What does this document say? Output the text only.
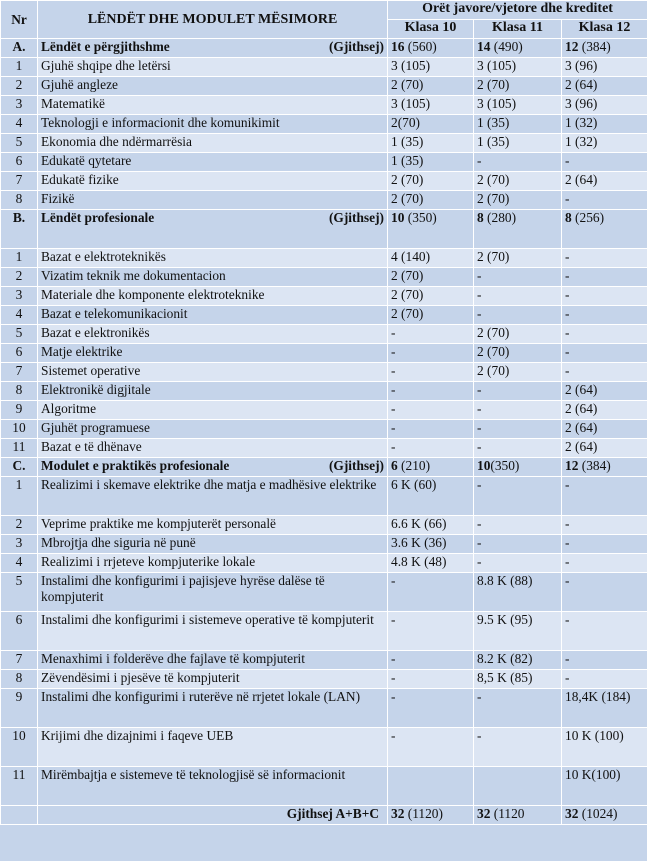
Nr	LËNDËT DHE MODULET MËSIMORE	Orët javore/vjetore dhe kreditet		
		Klasa 10	Klasa 11	Klasa 12
A.	Lëndët e përgjithshme (Gjithsej)	16 (560)	14 (490)	12 (384)
1	Gjuhë shqipe dhe letërsi	3 (105)	3 (105)	3 (96)
2	Gjuhë angleze	2 (70)	2 (70)	2 (64)
3	Matematikë	3 (105)	3 (105)	3 (96)
4	Teknologji e informacionit dhe komunikimit	2(70)	1 (35)	1 (32)
5	Ekonomia dhe ndërmarrësia	1 (35)	1 (35)	1 (32)
6	Edukatë qytetare	1 (35)	-	-
7	Edukatë fizike	2 (70)	2 (70)	2 (64)
8	Fizikë	2 (70)	2 (70)	-
B.	Lëndët profesionale (Gjithsej)	10 (350)	8 (280)	8 (256)
1	Bazat e elektroteknikës	4 (140)	2 (70)	-
2	Vizatim teknik me dokumentacion	2 (70)	-	-
3	Materiale dhe komponente elektroteknike	2 (70)	-	-
4	Bazat e telekomunikacionit	2 (70)	-	-
5	Bazat e elektronikës	-	2 (70)	-
6	Matje elektrike	-	2 (70)	-
7	Sistemet operative	-	2 (70)	-
8	Elektronikë digjitale	-	-	2 (64)
9	Algoritme	-	-	2 (64)
10	Gjuhët programuese	-	-	2 (64)
11	Bazat e të dhënave	-	-	2 (64)
C.	Modulet e praktikës profesionale (Gjithsej)	6 (210)	10(350)	12 (384)
1	Realizimi i skemave elektrike dhe matja e madhësive elektrike	6 K (60)	-	-
2	Veprime praktike me kompjuterët personalë	6.6 K (66)	-	-
3	Mbrojtja dhe siguria në punë	3.6 K (36)	-	-
4	Realizimi i rrjeteve kompjuterike lokale	4.8 K (48)	-	-
5	Instalimi dhe konfigurimi i pajisjeve hyrëse dalëse të kompjuterit	-	8.8 K (88)	-
6	Instalimi dhe konfigurimi i sistemeve operative të kompjuterit	-	9.5 K (95)	-
7	Menaxhimi i folderëve dhe fajlave të kompjuterit	-	8.2 K (82)	-
8	Zëvendësimi i pjesëve të kompjuterit	-	8,5 K (85)	-
9	Instalimi dhe konfigurimi i ruterëve në rrjetet lokale (LAN)	-	-	18,4K (184)
10	Krijimi dhe dizajnimi i faqeve UEB	-	-	10 K (100)
11	Mirëmbajtja e sistemeve të teknologjisë së informacionit			10 K(100)
	Gjithsej A+B+C	32 (1120)	32 (1120	32 (1024)
